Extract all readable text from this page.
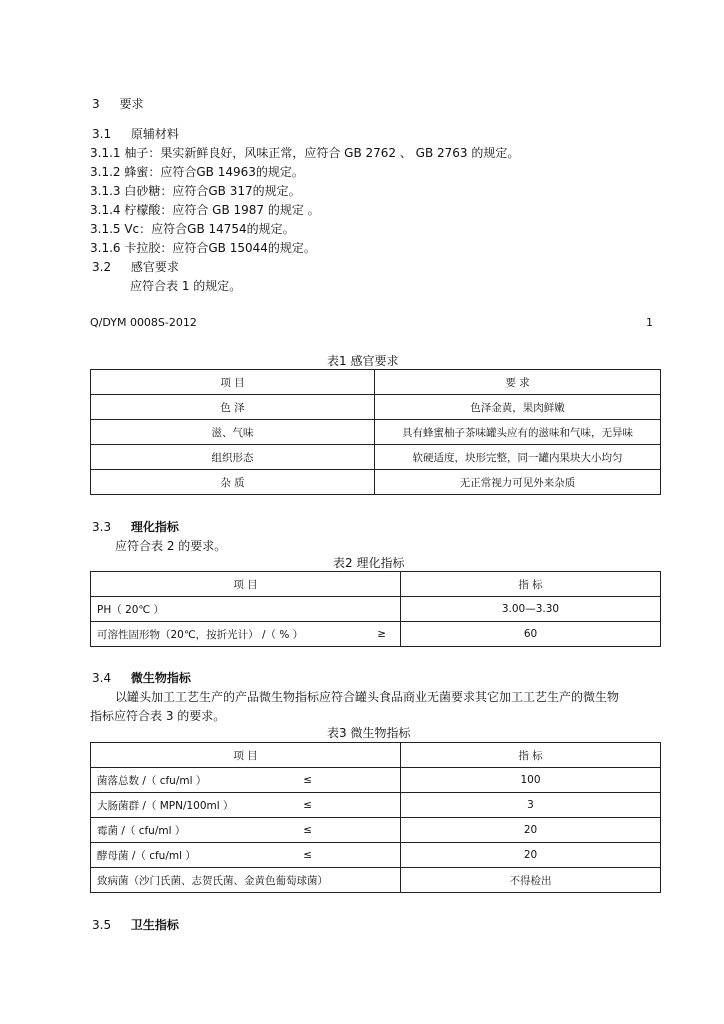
3 要求
3.1 原辅材料
3.1.1 柚子：果实新鲜良好，风味正常，应符合 GB 2762 、 GB 2763 的规定。
3.1.2 蜂蜜：应符合GB 14963的规定。
3.1.3 白砂糖：应符合GB 317的规定。
3.1.4 柠檬酸：应符合 GB 1987 的规定 。
3.1.5 Vc：应符合GB 14754的规定。
3.1.6 卡拉胶：应符合GB 15044的规定。
3.2 感官要求
应符合表 1 的规定。
Q/DYM 0008S-2012	1
表1 感官要求
项 目	要 求
色 泽	色泽金黄，果肉鲜嫩
滋、气味	具有蜂蜜柚子茶味罐头应有的滋味和气味，无异味
组织形态	软硬适度，块形完整，同一罐内果块大小均匀
杂 质	无正常视力可见外来杂质
3.3 理化指标
应符合表 2 的要求。
表2 理化指标
项 目	指 标

PH（ 20℃ ）	3.00—3.30

可溶性固形物（20℃，按折光计） /（ % ） ≥	60
3.4 微生物指标
以罐头加工工艺生产的产品微生物指标应符合罐头食品商业无菌要求其它加工工艺生产的微生物
指标应符合表 3 的要求。
表3 微生物指标
项 目	指 标

菌落总数 /（ cfu/ml ） ≤	100

大肠菌群 /（ MPN/100ml ） ≤	3

霉菌 /（ cfu/ml ） ≤	20

酵母菌 /（ cfu/ml ） ≤	20

致病菌（沙门氏菌、志贺氏菌、金黄色葡萄球菌）	不得检出
3.5 卫生指标
